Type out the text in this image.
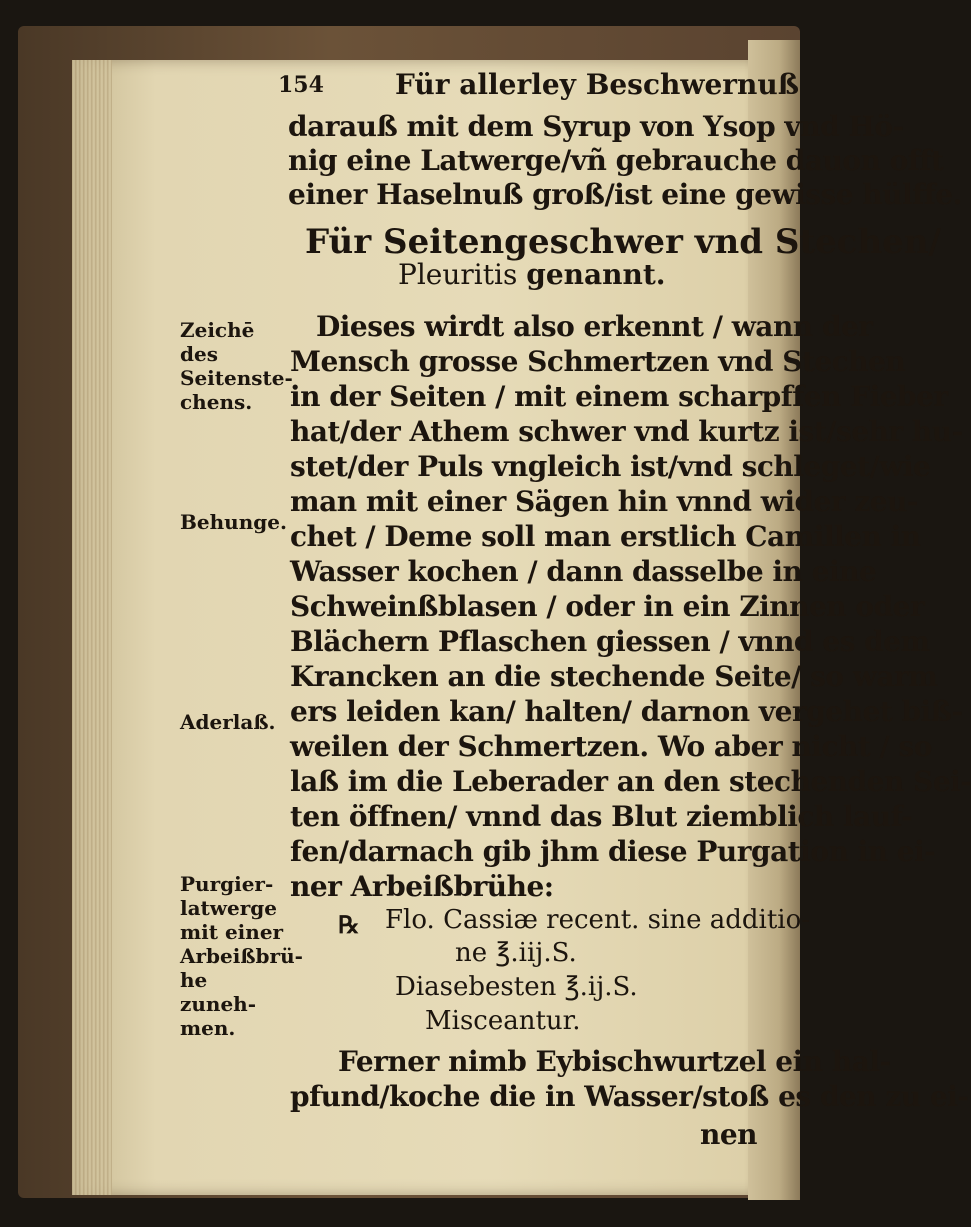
154	Für allerley Beschwernuß
darauß mit dem Syrup von Ysop vnd Hö-
nig eine Latwerge/vñ gebrauche dauon offt
einer Haselnuß groß/ist eine gewisse hülffe.
Für Seitengeschwer vnd Stechen/
Pleuritis genannt.
Zeichē des Seitenste-chens.
Behunge.
Aderlaß.
Purgier-latwerge mit einer Arbeißbrü-he zuneh-men.
Dieses wirdt also erkennt / wann der
Mensch grosse Schmertzen vnd Stechen
in der Seiten / mit einem scharpffen Fieber
hat/der Athem schwer vnd kurtz ist/sehr hu-
stet/der Puls vngleich ist/vnd schleget/wie
man mit einer Sägen hin vnnd wider zeu-
chet / Deme soll man erstlich Camillen in
Wasser kochen / dann dasselbe in eine
Schweinßblasen / oder in ein Zinnen oder
Blächern Pflaschen giessen / vnnd es dem
Krancken an die stechende Seite/ so warm
ers leiden kan/ halten/ darnon vergehet biß-
weilen der Schmertzen. Wo aber nicht / so
laß im die Leberader an den stechenden Sei-
ten öffnen/ vnnd das Blut ziemblich lauf-
fen/darnach gib jhm diese Purgation in ei-
ner Arbeißbrühe:
℞ Flo. Cassiæ recent. sine additio-
ne ℥.iij.S.
Diasebesten ℥.ij.S.
Misceantur.
Ferner nimb Eybischwurtzel ein hal-
pfund/koche die in Wasser/stoß es den zu ei-
nen
